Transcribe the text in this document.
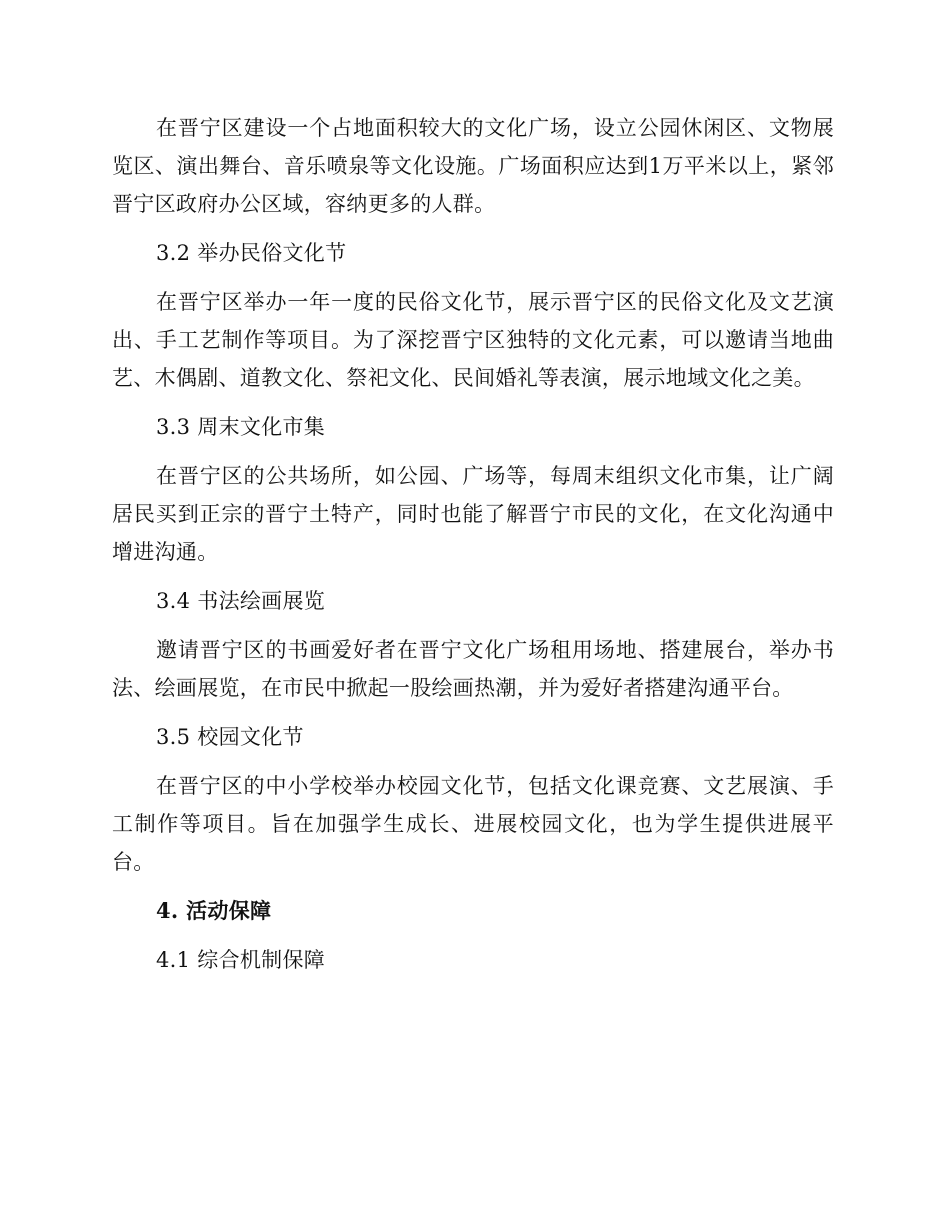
在晋宁区建设一个占地面积较大的文化广场，设立公园休闲区、文物展览区、演出舞台、音乐喷泉等文化设施。广场面积应达到1万平米以上，紧邻晋宁区政府办公区域，容纳更多的人群。

3.2 举办民俗文化节

在晋宁区举办一年一度的民俗文化节，展示晋宁区的民俗文化及文艺演出、手工艺制作等项目。为了深挖晋宁区独特的文化元素，可以邀请当地曲艺、木偶剧、道教文化、祭祀文化、民间婚礼等表演，展示地域文化之美。

3.3 周末文化市集

在晋宁区的公共场所，如公园、广场等，每周末组织文化市集，让广阔居民买到正宗的晋宁土特产，同时也能了解晋宁市民的文化，在文化沟通中增进沟通。

3.4 书法绘画展览

邀请晋宁区的书画爱好者在晋宁文化广场租用场地、搭建展台，举办书法、绘画展览，在市民中掀起一股绘画热潮，并为爱好者搭建沟通平台。

3.5 校园文化节

在晋宁区的中小学校举办校园文化节，包括文化课竞赛、文艺展演、手工制作等项目。旨在加强学生成长、进展校园文化，也为学生提供进展平台。

4. 活动保障

4.1 综合机制保障
